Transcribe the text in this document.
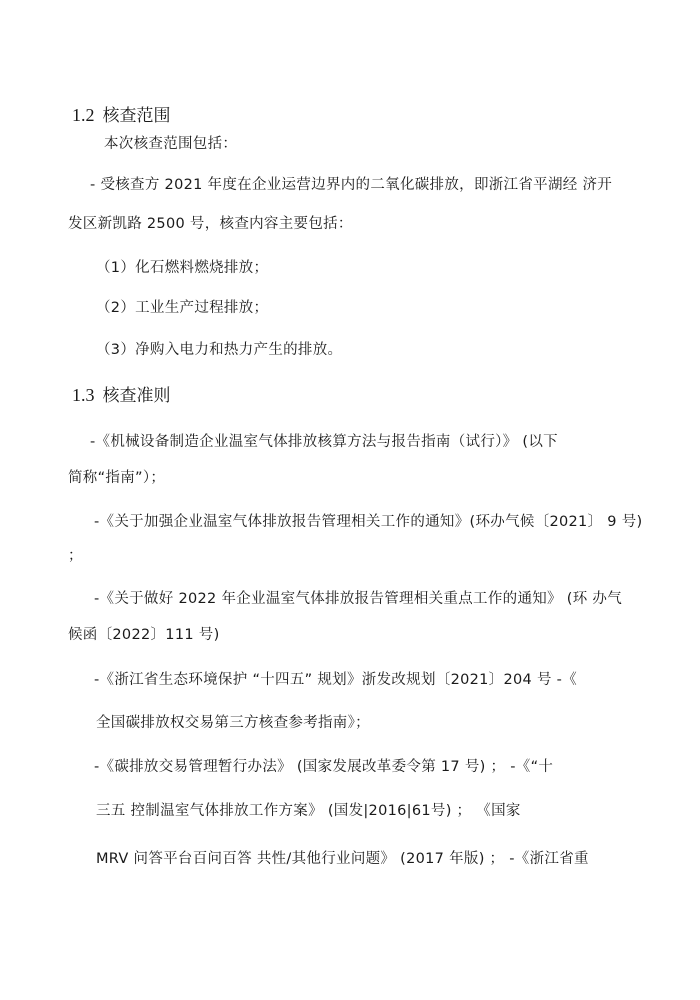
1.2 核查范围
本次核查范围包括：
- 受核查方 2021 年度在企业运营边界内的二氧化碳排放，即浙江省平湖经 济开
发区新凯路 2500 号，核查内容主要包括：
（1）化石燃料燃烧排放；
（2）工业生产过程排放；
（3）净购入电力和热力产生的排放。
1.3 核查准则
-《机械设备制造企业温室气体排放核算方法与报告指南（试行）》 (以下
简称“指南”）；
-《关于加强企业温室气体排放报告管理相关工作的通知》(环办气候〔2021〕 9 号)
；
-《关于做好 2022 年企业温室气体排放报告管理相关重点工作的通知》 (环 办气
候函〔2022〕111 号)
-《浙江省生态环境保护 “十四五” 规划》浙发改规划〔2021〕204 号 -《
全国碳排放权交易第三方核查参考指南》；
-《碳排放交易管理暂行办法》 (国家发展改革委令第 17 号) ； -《“十
三五 控制温室气体排放工作方案》 (国发|2016|61号) ； 《国家
MRV 问答平台百问百答 共性/其他行业问题》 (2017 年版) ； -《浙江省重
